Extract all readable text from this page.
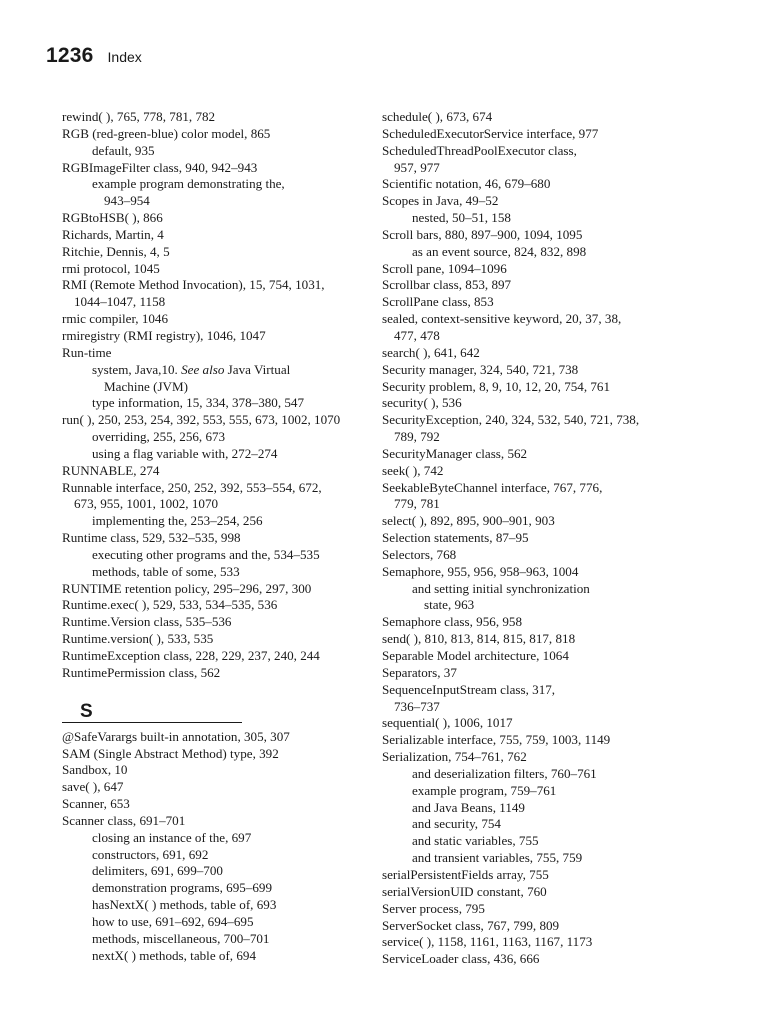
1236 Index
rewind( ), 765, 778, 781, 782
RGB (red-green-blue) color model, 865
default, 935
RGBImageFilter class, 940, 942–943
example program demonstrating the,
943–954
RGBtoHSB( ), 866
Richards, Martin, 4
Ritchie, Dennis, 4, 5
rmi protocol, 1045
RMI (Remote Method Invocation), 15, 754, 1031,
1044–1047, 1158
rmic compiler, 1046
rmiregistry (RMI registry), 1046, 1047
Run-time
system, Java,10. See also Java Virtual
Machine (JVM)
type information, 15, 334, 378–380, 547
run( ), 250, 253, 254, 392, 553, 555, 673, 1002, 1070
overriding, 255, 256, 673
using a flag variable with, 272–274
RUNNABLE, 274
Runnable interface, 250, 252, 392, 553–554, 672,
673, 955, 1001, 1002, 1070
implementing the, 253–254, 256
Runtime class, 529, 532–535, 998
executing other programs and the, 534–535
methods, table of some, 533
RUNTIME retention policy, 295–296, 297, 300
Runtime.exec( ), 529, 533, 534–535, 536
Runtime.Version class, 535–536
Runtime.version( ), 533, 535
RuntimeException class, 228, 229, 237, 240, 244
RuntimePermission class, 562
S
@SafeVarargs built-in annotation, 305, 307
SAM (Single Abstract Method) type, 392
Sandbox, 10
save( ), 647
Scanner, 653
Scanner class, 691–701
closing an instance of the, 697
constructors, 691, 692
delimiters, 691, 699–700
demonstration programs, 695–699
hasNextX( ) methods, table of, 693
how to use, 691–692, 694–695
methods, miscellaneous, 700–701
nextX( ) methods, table of, 694
schedule( ), 673, 674
ScheduledExecutorService interface, 977
ScheduledThreadPoolExecutor class,
957, 977
Scientific notation, 46, 679–680
Scopes in Java, 49–52
nested, 50–51, 158
Scroll bars, 880, 897–900, 1094, 1095
as an event source, 824, 832, 898
Scroll pane, 1094–1096
Scrollbar class, 853, 897
ScrollPane class, 853
sealed, context-sensitive keyword, 20, 37, 38,
477, 478
search( ), 641, 642
Security manager, 324, 540, 721, 738
Security problem, 8, 9, 10, 12, 20, 754, 761
security( ), 536
SecurityException, 240, 324, 532, 540, 721, 738,
789, 792
SecurityManager class, 562
seek( ), 742
SeekableByteChannel interface, 767, 776,
779, 781
select( ), 892, 895, 900–901, 903
Selection statements, 87–95
Selectors, 768
Semaphore, 955, 956, 958–963, 1004
and setting initial synchronization
state, 963
Semaphore class, 956, 958
send( ), 810, 813, 814, 815, 817, 818
Separable Model architecture, 1064
Separators, 37
SequenceInputStream class, 317,
736–737
sequential( ), 1006, 1017
Serializable interface, 755, 759, 1003, 1149
Serialization, 754–761, 762
and deserialization filters, 760–761
example program, 759–761
and Java Beans, 1149
and security, 754
and static variables, 755
and transient variables, 755, 759
serialPersistentFields array, 755
serialVersionUID constant, 760
Server process, 795
ServerSocket class, 767, 799, 809
service( ), 1158, 1161, 1163, 1167, 1173
ServiceLoader class, 436, 666
